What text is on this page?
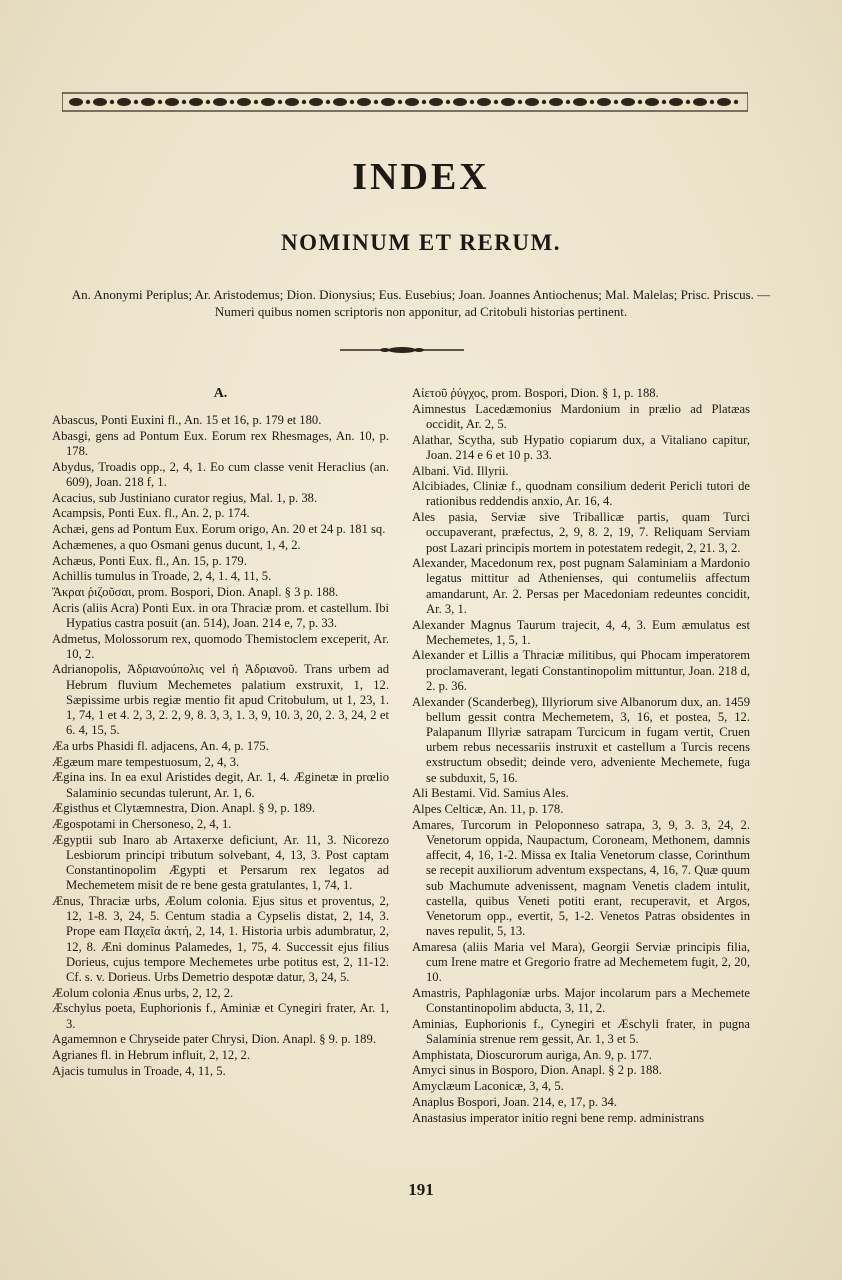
INDEX
NOMINUM ET RERUM.
An. Anonymi Periplus; Ar. Aristodemus; Dion. Dionysius; Eus. Eusebius; Joan. Joannes Antiochenus; Mal. Malelas; Prisc. Priscus. — Numeri quibus nomen scriptoris non apponitur, ad Critobuli historias pertinent.
A.
Abascus, Ponti Euxini fl., An. 15 et 16, p. 179 et 180.
Abasgi, gens ad Pontum Eux. Eorum rex Rhesmages, An. 10, p. 178.
Abydus, Troadis opp., 2, 4, 1. Eo cum classe venit Heraclius (an. 609), Joan. 218 f, 1.
Acacius, sub Justiniano curator regius, Mal. 1, p. 38.
Acampsis, Ponti Eux. fl., An. 2, p. 174.
Achæi, gens ad Pontum Eux. Eorum origo, An. 20 et 24 p. 181 sq.
Achæmenes, a quo Osmani genus ducunt, 1, 4, 2.
Achæus, Ponti Eux. fl., An. 15, p. 179.
Achillis tumulus in Troade, 2, 4, 1. 4, 11, 5.
Ἄκραι ῥιζοῦσαι, prom. Bospori, Dion. Anapl. § 3 p. 188.
Acris (aliis Acra) Ponti Eux. in ora Thraciæ prom. et castellum. Ibi Hypatius castra posuit (an. 514), Joan. 214 e, 7, p. 33.
Admetus, Molossorum rex, quomodo Themistoclem exceperit, Ar. 10, 2.
Adrianopolis, Ἀδριανούπολις vel ἡ Ἀδριανοῦ. Trans urbem ad Hebrum fluvium Mechemetes palatium exstruxit, 1, 12. Sæpissime urbis regiæ mentio fit apud Critobulum, ut 1, 23, 1. 1, 74, 1 et 4. 2, 3, 2. 2, 9, 8. 3, 3, 1. 3, 9, 10. 3, 20, 2. 3, 24, 2 et 6. 4, 15, 5.
Æa urbs Phasidi fl. adjacens, An. 4, p. 175.
Ægæum mare tempestuosum, 2, 4, 3.
Ægina ins. In ea exul Aristides degit, Ar. 1, 4. Æginetæ in prœlio Salaminio secundas tulerunt, Ar. 1, 6.
Ægisthus et Clytæmnestra, Dion. Anapl. § 9, p. 189.
Ægospotami in Chersoneso, 2, 4, 1.
Ægyptii sub Inaro ab Artaxerxe deficiunt, Ar. 11, 3. Nicorezo Lesbiorum principi tributum solvebant, 4, 13, 3. Post captam Constantinopolim Ægypti et Persarum rex legatos ad Mechemetem misit de re bene gesta gratulantes, 1, 74, 1.
Ænus, Thraciæ urbs, Æolum colonia. Ejus situs et proventus, 2, 12, 1-8. 3, 24, 5. Centum stadia a Cypselis distat, 2, 14, 3. Prope eam Παχεῖα ἀκτή, 2, 14, 1. Historia urbis adumbratur, 2, 12, 8. Æni dominus Palamedes, 1, 75, 4. Successit ejus filius Dorieus, cujus tempore Mechemetes urbe potitus est, 2, 11-12. Cf. s. v. Dorieus. Urbs Demetrio despotæ datur, 3, 24, 5.
Æolum colonia Ænus urbs, 2, 12, 2.
Æschylus poeta, Euphorionis f., Aminiæ et Cynegiri frater, Ar. 1, 3.
Agamemnon e Chryseide pater Chrysi, Dion. Anapl. § 9. p. 189.
Agrianes fl. in Hebrum influit, 2, 12, 2.
Ajacis tumulus in Troade, 4, 11, 5.
Αἰετοῦ ῥύγχος, prom. Bospori, Dion. § 1, p. 188.
Aimnestus Lacedæmonius Mardonium in prælio ad Platæas occidit, Ar. 2, 5.
Alathar, Scytha, sub Hypatio copiarum dux, a Vitaliano capitur, Joan. 214 e 6 et 10 p. 33.
Albani. Vid. Illyrii.
Alcibiades, Cliniæ f., quodnam consilium dederit Pericli tutori de rationibus reddendis anxio, Ar. 16, 4.
Ales pasia, Serviæ sive Triballicæ partis, quam Turci occupaverant, præfectus, 2, 9, 8. 2, 19, 7. Reliquam Serviam post Lazari principis mortem in potestatem redegit, 2, 21. 3, 2.
Alexander, Macedonum rex, post pugnam Salaminiam a Mardonio legatus mittitur ad Athenienses, qui contumeliis affectum amandarunt, Ar. 2. Persas per Macedoniam redeuntes concidit, Ar. 3, 1.
Alexander Magnus Taurum trajecit, 4, 4, 3. Eum æmulatus est Mechemetes, 1, 5, 1.
Alexander et Lillis a Thraciæ militibus, qui Phocam imperatorem proclamaverant, legati Constantinopolim mittuntur, Joan. 218 d, 2. p. 36.
Alexander (Scanderbeg), Illyriorum sive Albanorum dux, an. 1459 bellum gessit contra Mechemetem, 3, 16, et postea, 5, 12. Palapanum Illyriæ satrapam Turcicum in fugam vertit, Cruen urbem rebus necessariis instruxit et castellum a Turcis recens exstructum obsedit; deinde vero, adveniente Mechemete, fuga se subduxit, 5, 16.
Ali Bestami. Vid. Samius Ales.
Alpes Celticæ, An. 11, p. 178.
Amares, Turcorum in Peloponneso satrapa, 3, 9, 3. 3, 24, 2. Venetorum oppida, Naupactum, Coroneam, Methonem, damnis affecit, 4, 16, 1-2. Missa ex Italia Venetorum classe, Corinthum se recepit auxiliorum adventum exspectans, 4, 16, 7. Quæ quum sub Machumute advenissent, magnam Venetis cladem intulit, castella, quibus Veneti potiti erant, recuperavit, et Argos, Venetorum opp., evertit, 5, 1-2. Venetos Patras obsidentes in naves repulit, 5, 13.
Amaresa (aliis Maria vel Mara), Georgii Serviæ principis filia, cum Irene matre et Gregorio fratre ad Mechemetem fugit, 2, 20, 10.
Amastris, Paphlagoniæ urbs. Major incolarum pars a Mechemete Constantinopolim abducta, 3, 11, 2.
Aminias, Euphorionis f., Cynegiri et Æschyli frater, in pugna Salaminia strenue rem gessit, Ar. 1, 3 et 5.
Amphistata, Dioscurorum auriga, An. 9, p. 177.
Amyci sinus in Bosporo, Dion. Anapl. § 2 p. 188.
Amyclæum Laconicæ, 3, 4, 5.
Anaplus Bospori, Joan. 214, e, 17, p. 34.
Anastasius imperator initio regni bene remp. administrans
191
